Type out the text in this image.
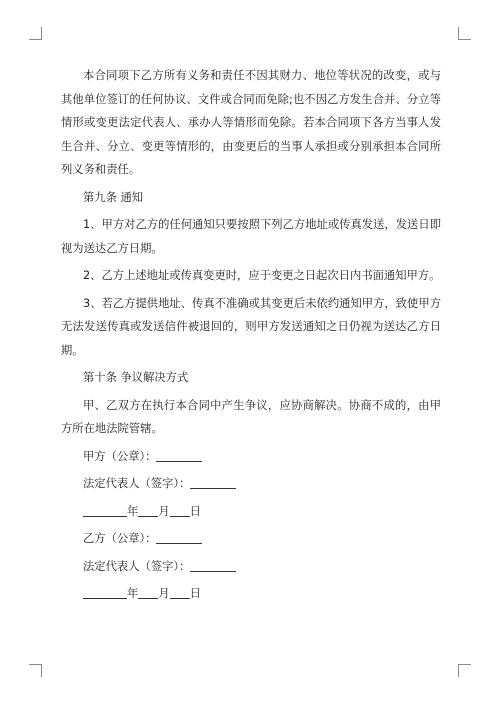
本合同项下乙方所有义务和责任不因其财力、地位等状况的改变，或与其他单位签订的任何协议、文件或合同而免除;也不因乙方发生合并、分立等情形或变更法定代表人、承办人等情形而免除。若本合同项下各方当事人发生合并、分立、变更等情形的，由变更后的当事人承担或分别承担本合同所列义务和责任。

第九条 通知

1、甲方对乙方的任何通知只要按照下列乙方地址或传真发送，发送日即视为送达乙方日期。

2、乙方上述地址或传真变更时，应于变更之日起次日内书面通知甲方。

3、若乙方提供地址、传真不准确或其变更后未依约通知甲方，致使甲方无法发送传真或发送信件被退回的，则甲方发送通知之日仍视为送达乙方日期。

第十条 争议解决方式

甲、乙双方在执行本合同中产生争议，应协商解决。协商不成的，由甲方所在地法院管辖。

甲方（公章）：
法定代表人（签字）：
年 月 日
乙方（公章）：
法定代表人（签字）：
年 月 日
